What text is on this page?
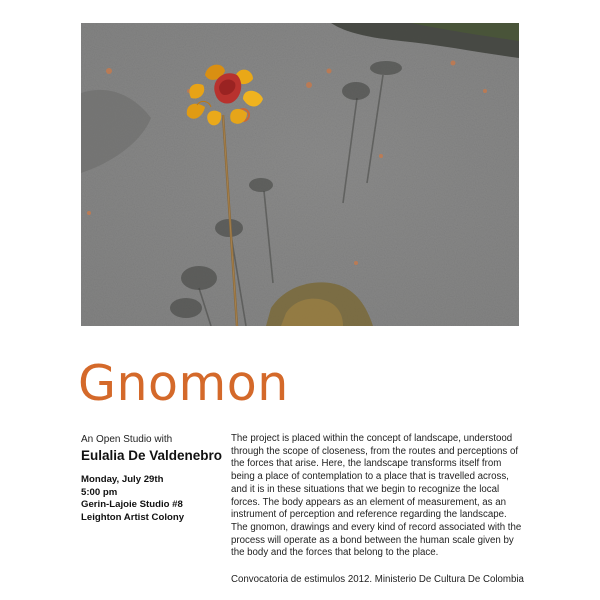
Gnomon
An Open Studio with
Eulalia De Valdenebro
Monday, July 29th
5:00 pm
Gerin-Lajoie Studio #8
Leighton Artist Colony

The project is placed within the concept of landscape, understood through the scope of closeness, from the routes and perceptions of the forces that arise. Here, the landscape transforms itself from being a place of contemplation to a place that is travelled across, and it is in these situations that we begin to recognize the local forces. The body appears as an element of measurement, as an instrument of perception and reference regarding the landscape. The gnomon, drawings and every kind of record associated with the process will operate as a bond between the human scale given by the body and the forces that belong to the place.

Convocatoria de estimulos 2012. Ministerio De Cultura De Colombia
